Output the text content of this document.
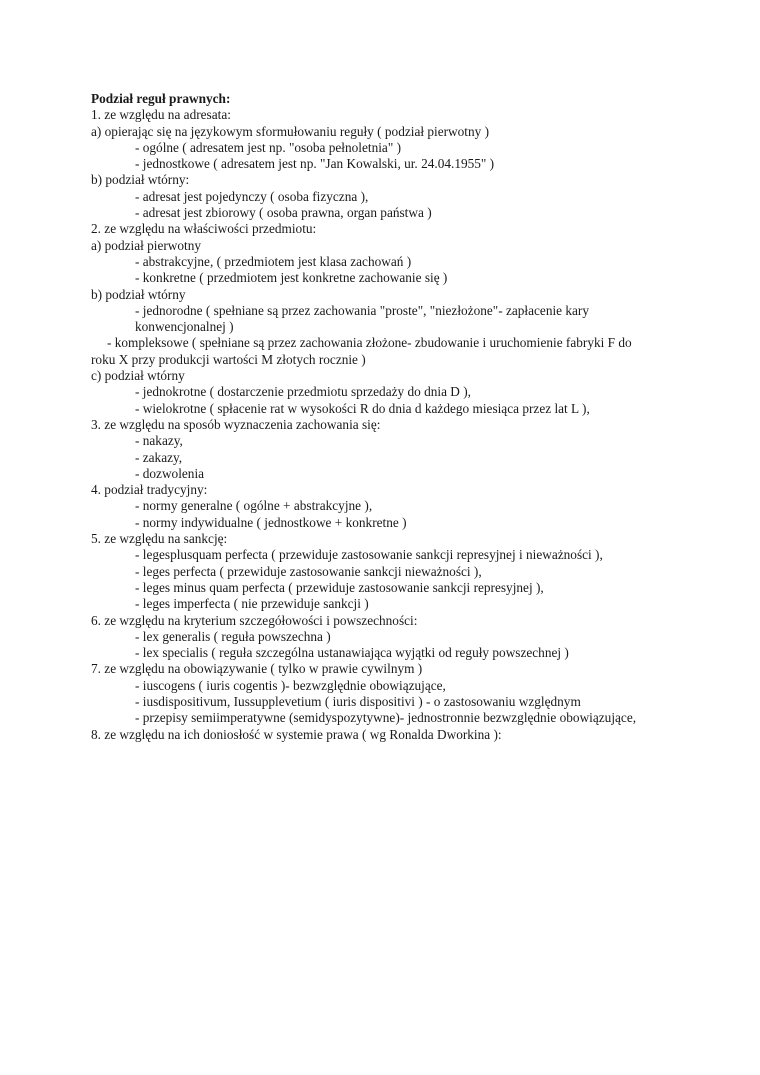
Podział reguł prawnych:
1. ze względu na adresata:
a) opierając się na językowym sformułowaniu reguły ( podział pierwotny )
- ogólne ( adresatem jest np. "osoba pełnoletnia" )
- jednostkowe ( adresatem jest np. "Jan Kowalski, ur. 24.04.1955" )
b) podział wtórny:
- adresat jest pojedynczy ( osoba fizyczna ),
- adresat jest zbiorowy ( osoba prawna, organ państwa )
2. ze względu na właściwości przedmiotu:
a) podział pierwotny
- abstrakcyjne, ( przedmiotem jest klasa zachowań )
- konkretne ( przedmiotem jest konkretne zachowanie się )
b) podział wtórny
- jednorodne ( spełniane są przez zachowania "proste", "niezłożone"- zapłacenie kary
konwencjonalnej )
- kompleksowe ( spełniane są przez zachowania złożone- zbudowanie i uruchomienie fabryki F do
roku X przy produkcji wartości M złotych rocznie )
c) podział wtórny
- jednokrotne ( dostarczenie przedmiotu sprzedaży do dnia D ),
- wielokrotne ( spłacenie rat w wysokości R do dnia d każdego miesiąca przez lat L ),
3. ze względu na sposób wyznaczenia zachowania się:
- nakazy,
- zakazy,
- dozwolenia
4. podział tradycyjny:
- normy generalne ( ogólne + abstrakcyjne ),
- normy indywidualne ( jednostkowe + konkretne )
5. ze względu na sankcję:
- legesplusquam perfecta ( przewiduje zastosowanie sankcji represyjnej i nieważności ),
- leges perfecta ( przewiduje zastosowanie sankcji nieważności ),
- leges minus quam perfecta ( przewiduje zastosowanie sankcji represyjnej ),
- leges imperfecta ( nie przewiduje sankcji )
6. ze względu na kryterium szczegółowości i powszechności:
- lex generalis ( reguła powszechna )
- lex specialis ( reguła szczególna ustanawiająca wyjątki od reguły powszechnej )
7. ze względu na obowiązywanie ( tylko w prawie cywilnym )
- iuscogens ( iuris cogentis )- bezwzględnie obowiązujące,
- iusdispositivum, Iussupplevetium ( iuris dispositivi ) - o zastosowaniu względnym
- przepisy semiimperatywne (semidyspozytywne)- jednostronnie bezwzględnie obowiązujące,
8. ze względu na ich doniosłość w systemie prawa ( wg Ronalda Dworkina ):
